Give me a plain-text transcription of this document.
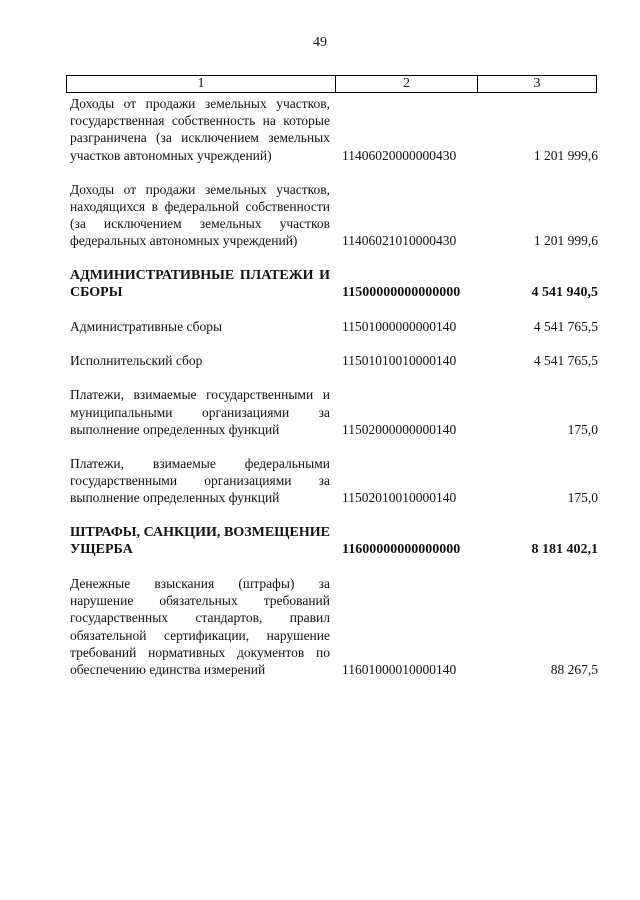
49
1	2	3
Доходы от продажи земельных участков, государственная собственность на которые разграничена (за исключением земельных участков автономных учреждений)	11406020000000430	1 201 999,6
Доходы от продажи земельных участков, находящихся в федеральной собственности (за исключением земельных участков федеральных автономных учреждений)	11406021010000430	1 201 999,6
АДМИНИСТРАТИВНЫЕ ПЛАТЕЖИ И СБОРЫ	11500000000000000	4 541 940,5
Административные сборы	11501000000000140	4 541 765,5
Исполнительский сбор	11501010010000140	4 541 765,5
Платежи, взимаемые государственными и муниципальными организациями за выполнение определенных функций	11502000000000140	175,0
Платежи, взимаемые федеральными государственными организациями за выполнение определенных функций	11502010010000140	175,0
ШТРАФЫ, САНКЦИИ, ВОЗМЕЩЕНИЕ УЩЕРБА	11600000000000000	8 181 402,1
Денежные взыскания (штрафы) за нарушение обязательных требований государственных стандартов, правил обязательной сертификации, нарушение требований нормативных документов по обеспечению единства измерений	11601000010000140	88 267,5
